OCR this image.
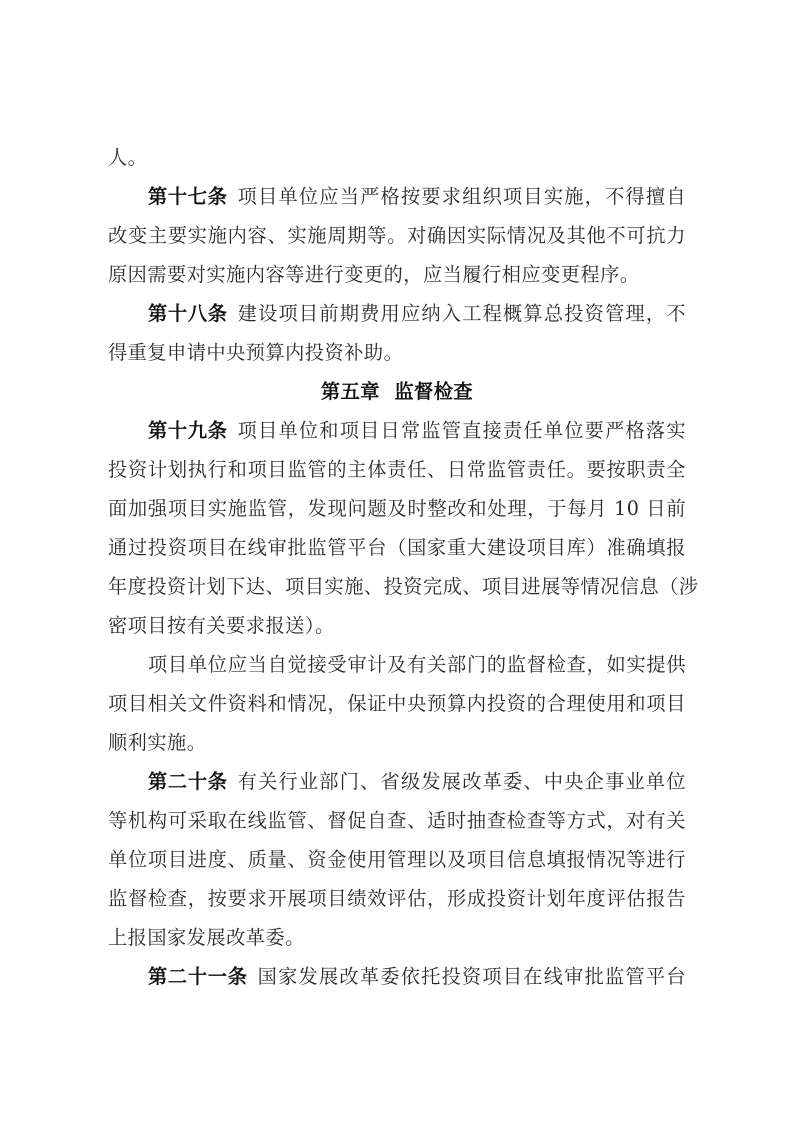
人。
第十七条 项目单位应当严格按要求组织项目实施，不得擅自
改变主要实施内容、实施周期等。对确因实际情况及其他不可抗力
原因需要对实施内容等进行变更的，应当履行相应变更程序。
第十八条 建设项目前期费用应纳入工程概算总投资管理，不
得重复申请中央预算内投资补助。
第五章  监督检查
第十九条 项目单位和项目日常监管直接责任单位要严格落实
投资计划执行和项目监管的主体责任、日常监管责任。要按职责全
面加强项目实施监管，发现问题及时整改和处理，于每月 10 日前
通过投资项目在线审批监管平台（国家重大建设项目库）准确填报
年度投资计划下达、项目实施、投资完成、项目进展等情况信息（涉
密项目按有关要求报送）。
项目单位应当自觉接受审计及有关部门的监督检查，如实提供
项目相关文件资料和情况，保证中央预算内投资的合理使用和项目
顺利实施。
第二十条 有关行业部门、省级发展改革委、中央企事业单位
等机构可采取在线监管、督促自查、适时抽查检查等方式，对有关
单位项目进度、质量、资金使用管理以及项目信息填报情况等进行
监督检查，按要求开展项目绩效评估，形成投资计划年度评估报告
上报国家发展改革委。
第二十一条 国家发展改革委依托投资项目在线审批监管平台
